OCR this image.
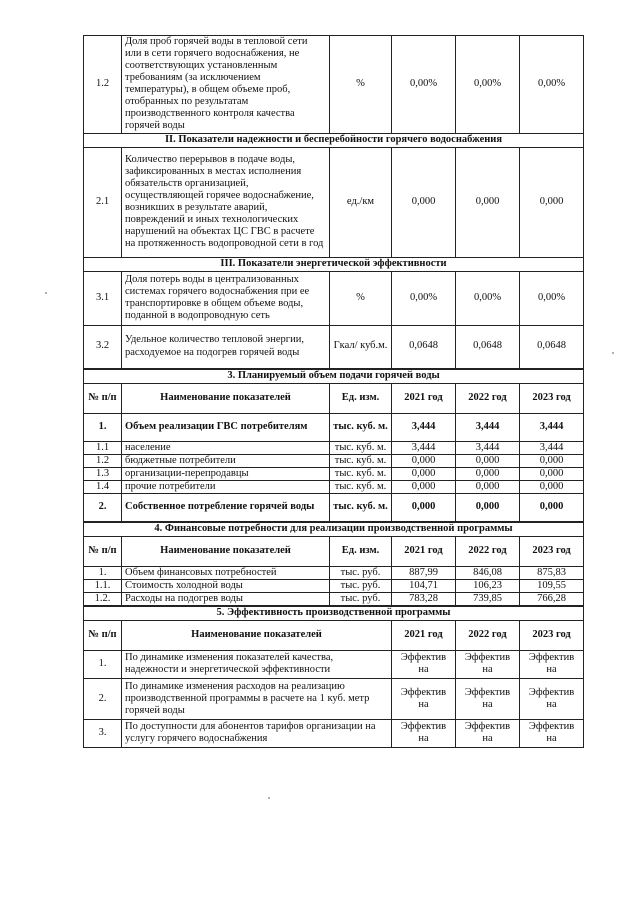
1.2	Доля проб горячей воды в тепловой сети или в сети горячего водоснабжения, не соответствующих установленным требованиям (за исключением температуры), в общем объеме проб, отобранных по результатам производственного контроля качества горячей воды	%	0,00%	0,00%	0,00%
II. Показатели надежности и бесперебойности горячего водоснабжения					
2.1	Количество перерывов в подаче воды, зафиксированных в местах исполнения обязательств организацией, осуществляющей горячее водоснабжение, возникших в результате аварий, повреждений и иных технологических нарушений на объектах ЦС ГВС в расчете на протяженность водопроводной сети в год	ед./км	0,000	0,000	0,000
III. Показатели энергетической эффективности					
3.1	Доля потерь воды в централизованных системах горячего водоснабжения при ее транспортировке в общем объеме воды, поданной в водопроводную сеть	%	0,00%	0,00%	0,00%
3.2	Удельное количество тепловой энергии, расходуемое на подогрев горячей воды	Гкал/ куб.м.	0,0648	0,0648	0,0648
3. Планируемый объем подачи горячей воды					
№ п/п	Наименование показателей	Ед. изм.	2021 год	2022 год	2023 год
1.	Объем реализации ГВС потребителям	тыс. куб. м.	3,444	3,444	3,444
1.1	население	тыс. куб. м.	3,444	3,444	3,444
1.2	бюджетные потребители	тыс. куб. м.	0,000	0,000	0,000
1.3	организации-перепродавцы	тыс. куб. м.	0,000	0,000	0,000
1.4	прочие потребители	тыс. куб. м.	0,000	0,000	0,000
2.	Собственное потребление горячей воды	тыс. куб. м.	0,000	0,000	0,000
4. Финансовые потребности для реализации производственной программы					
№ п/п	Наименование показателей	Ед. изм.	2021 год	2022 год	2023 год
1.	Объем финансовых потребностей	тыс. руб.	887,99	846,08	875,83
1.1.	Стоимость холодной воды	тыс. руб.	104,71	106,23	109,55
1.2.	Расходы на подогрев воды	тыс. руб.	783,28	739,85	766,28
5. Эффективность производственной программы				
№ п/п	Наименование показателей	2021 год	2022 год	2023 год
1.	По динамике изменения показателей качества, надежности и энергетической эффективности	Эффектив на	Эффектив на	Эффектив на
2.	По динамике изменения расходов на реализацию производственной программы в расчете на 1 куб. метр горячей воды	Эффектив на	Эффектив на	Эффектив на
3.	По доступности для абонентов тарифов организации на услугу горячего водоснабжения	Эффектив на	Эффектив на	Эффектив на
